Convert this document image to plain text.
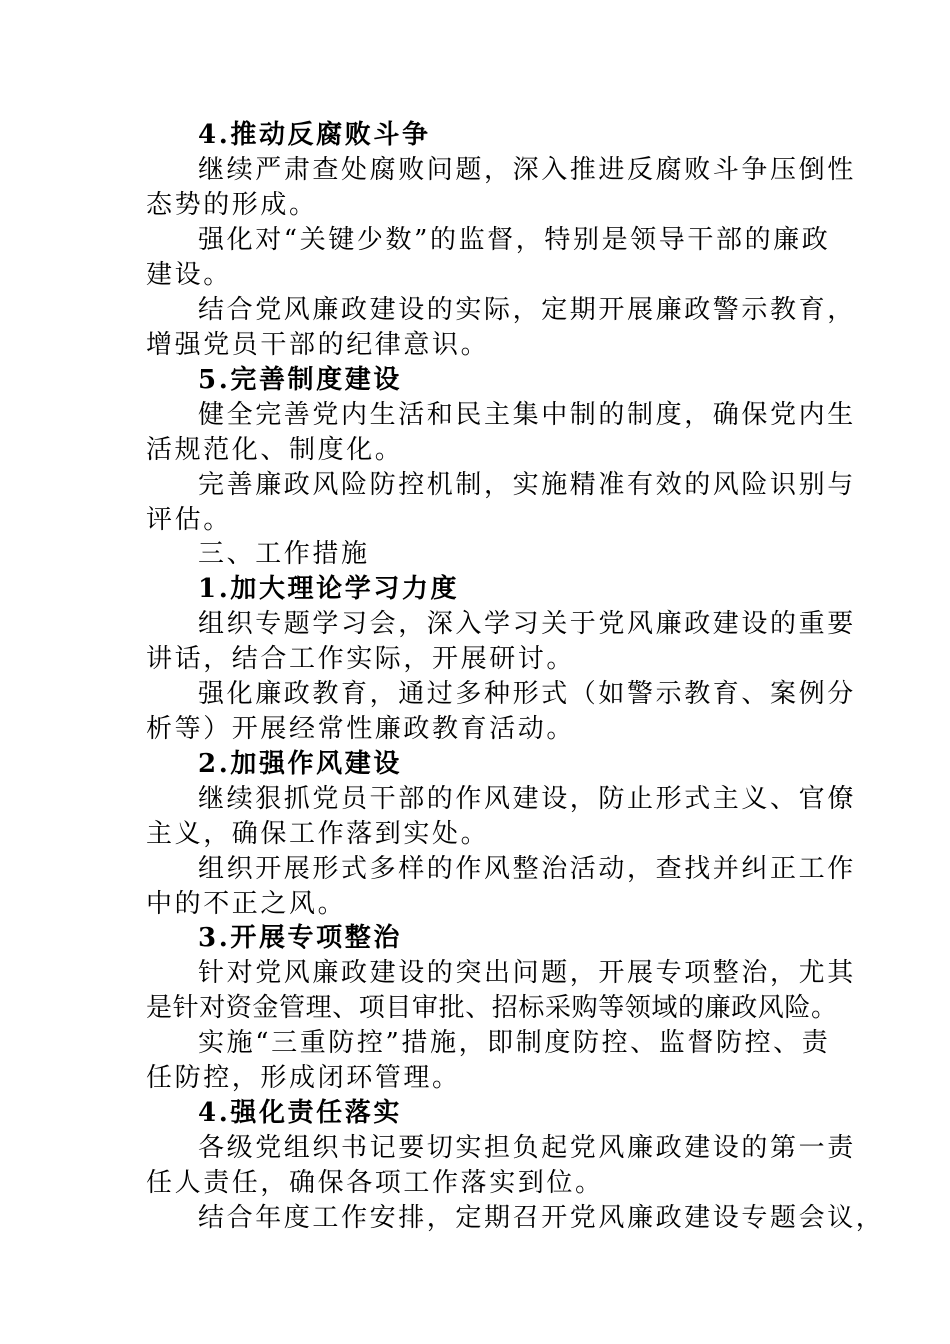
4.推动反腐败斗争
继续严肃查处腐败问题，深入推进反腐败斗争压倒性
态势的形成。
强化对“关键少数”的监督，特别是领导干部的廉政
建设。
结合党风廉政建设的实际，定期开展廉政警示教育，
增强党员干部的纪律意识。
5.完善制度建设
健全完善党内生活和民主集中制的制度，确保党内生
活规范化、制度化。
完善廉政风险防控机制，实施精准有效的风险识别与
评估。
三、工作措施
1.加大理论学习力度
组织专题学习会，深入学习关于党风廉政建设的重要
讲话，结合工作实际，开展研讨。
强化廉政教育，通过多种形式（如警示教育、案例分
析等）开展经常性廉政教育活动。
2.加强作风建设
继续狠抓党员干部的作风建设，防止形式主义、官僚
主义，确保工作落到实处。
组织开展形式多样的作风整治活动，查找并纠正工作
中的不正之风。
3.开展专项整治
针对党风廉政建设的突出问题，开展专项整治，尤其
是针对资金管理、项目审批、招标采购等领域的廉政风险。
实施“三重防控”措施，即制度防控、监督防控、责
任防控，形成闭环管理。
4.强化责任落实
各级党组织书记要切实担负起党风廉政建设的第一责
任人责任，确保各项工作落实到位。
结合年度工作安排，定期召开党风廉政建设专题会议，
